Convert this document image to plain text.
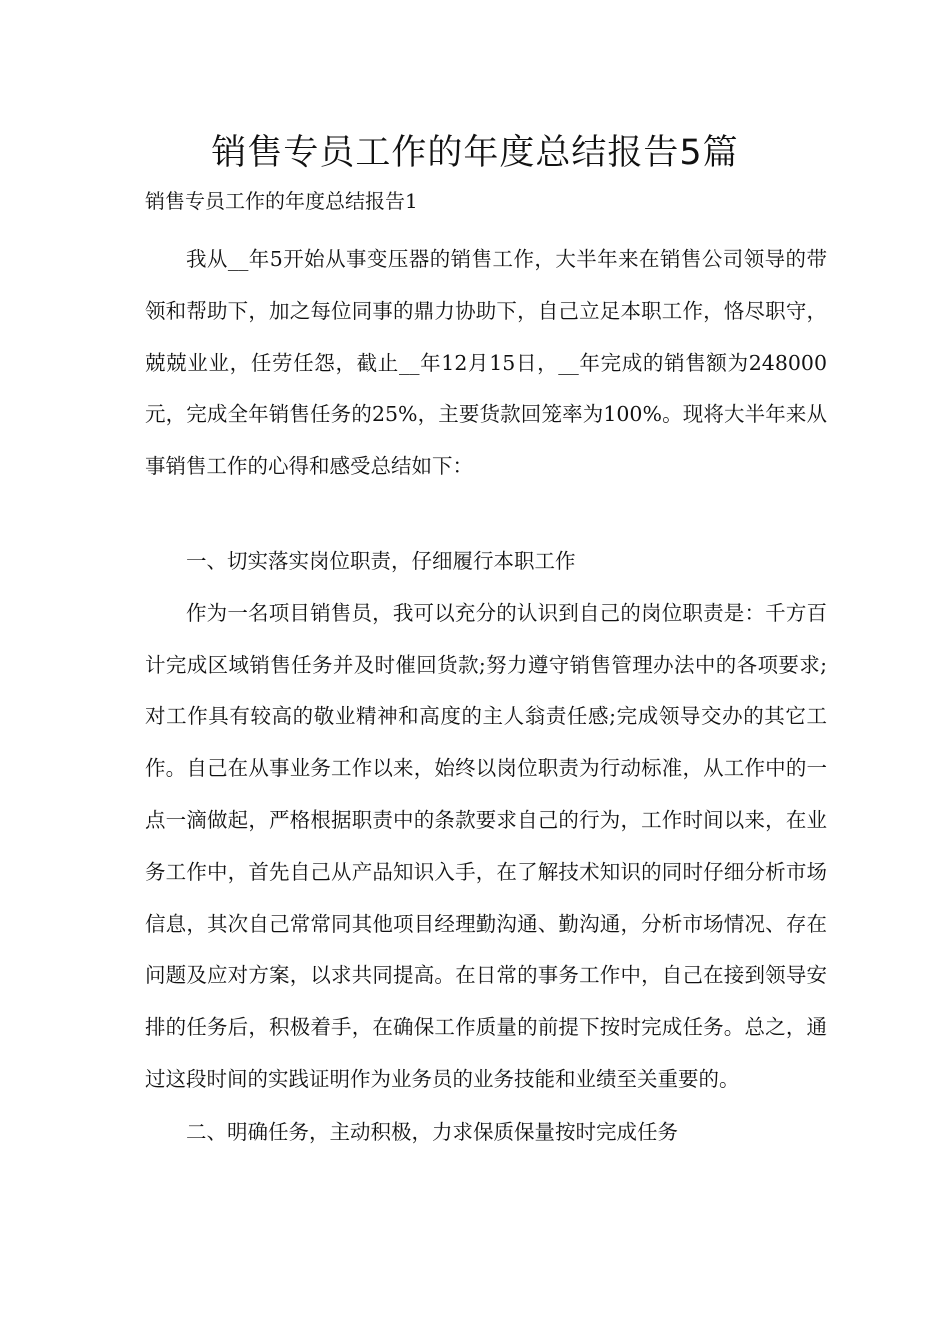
销售专员工作的年度总结报告5篇

销售专员工作的年度总结报告1

我从__年5开始从事变压器的销售工作，大半年来在销售公司领导的带领和帮助下，加之每位同事的鼎力协助下，自己立足本职工作，恪尽职守，兢兢业业，任劳任怨，截止__年12月15日，__年完成的销售额为248000元，完成全年销售任务的25%，主要货款回笼率为100%。现将大半年来从事销售工作的心得和感受总结如下：

一、切实落实岗位职责，仔细履行本职工作

作为一名项目销售员，我可以充分的认识到自己的岗位职责是：千方百计完成区域销售任务并及时催回货款;努力遵守销售管理办法中的各项要求;对工作具有较高的敬业精神和高度的主人翁责任感;完成领导交办的其它工作。自己在从事业务工作以来，始终以岗位职责为行动标准，从工作中的一点一滴做起，严格根据职责中的条款要求自己的行为，工作时间以来，在业务工作中，首先自己从产品知识入手，在了解技术知识的同时仔细分析市场信息，其次自己常常同其他项目经理勤沟通、勤沟通，分析市场情况、存在问题及应对方案，以求共同提高。在日常的事务工作中，自己在接到领导安排的任务后，积极着手，在确保工作质量的前提下按时完成任务。总之，通过这段时间的实践证明作为业务员的业务技能和业绩至关重要的。

二、明确任务，主动积极，力求保质保量按时完成任务
